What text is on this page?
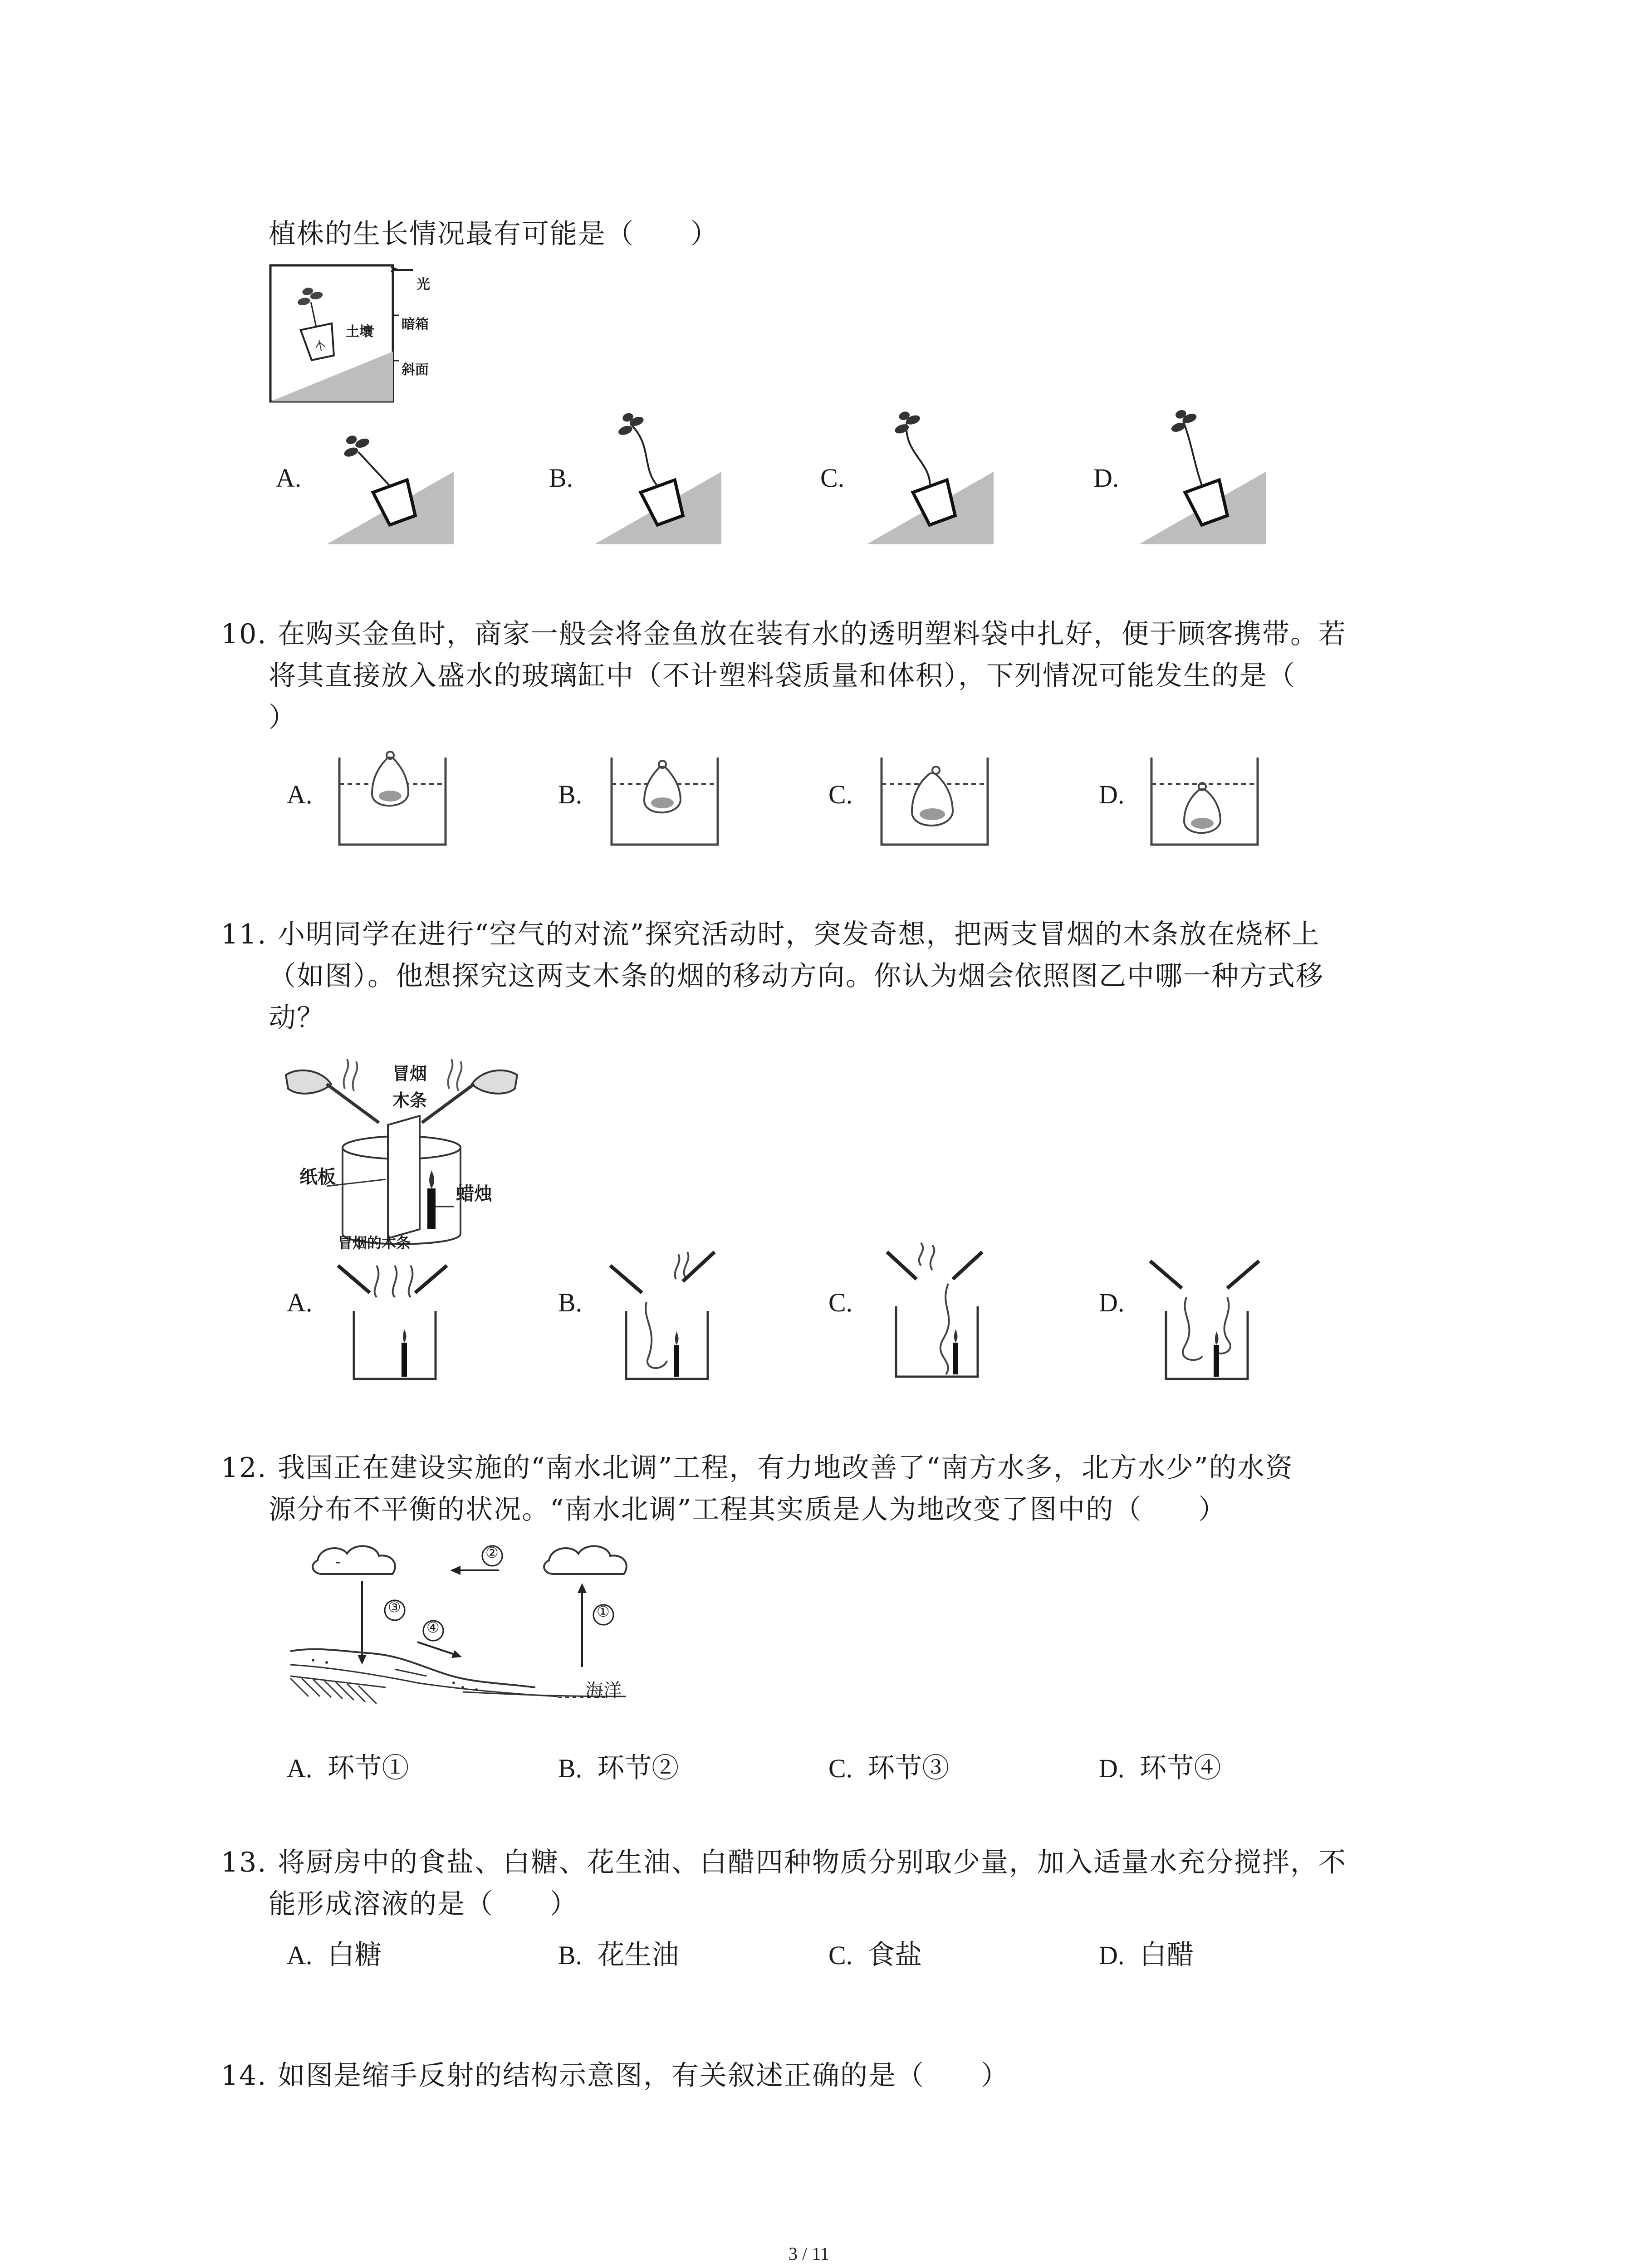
植株的生长情况最有可能是（　　）
光
土壤 暗箱
斜面
A.	B.	C.	D.
10. 在购买金鱼时，商家一般会将金鱼放在装有水的透明塑料袋中扎好，便于顾客携带。若
将其直接放入盛水的玻璃缸中（不计塑料袋质量和体积），下列情况可能发生的是（
）
A.	B.	C.	D.
11. 小明同学在进行“空气的对流”探究活动时，突发奇想，把两支冒烟的木条放在烧杯上
（如图）。他想探究这两支木条的烟的移动方向。你认为烟会依照图乙中哪一种方式移
动？
冒烟
木条
纸板
蜡烛
冒烟的木条
A.	B.	C.	D.
12. 我国正在建设实施的“南水北调”工程，有力地改善了“南方水多，北方水少”的水资
源分布不平衡的状况。“南水北调”工程其实质是人为地改变了图中的（　　）
②
③
④
①
海洋
A. 环节①	B. 环节②	C. 环节③	D. 环节④
13. 将厨房中的食盐、白糖、花生油、白醋四种物质分别取少量，加入适量水充分搅拌，不
能形成溶液的是（　　）
A. 白糖	B. 花生油	C. 食盐	D. 白醋
14. 如图是缩手反射的结构示意图，有关叙述正确的是（　　）
3 / 11
